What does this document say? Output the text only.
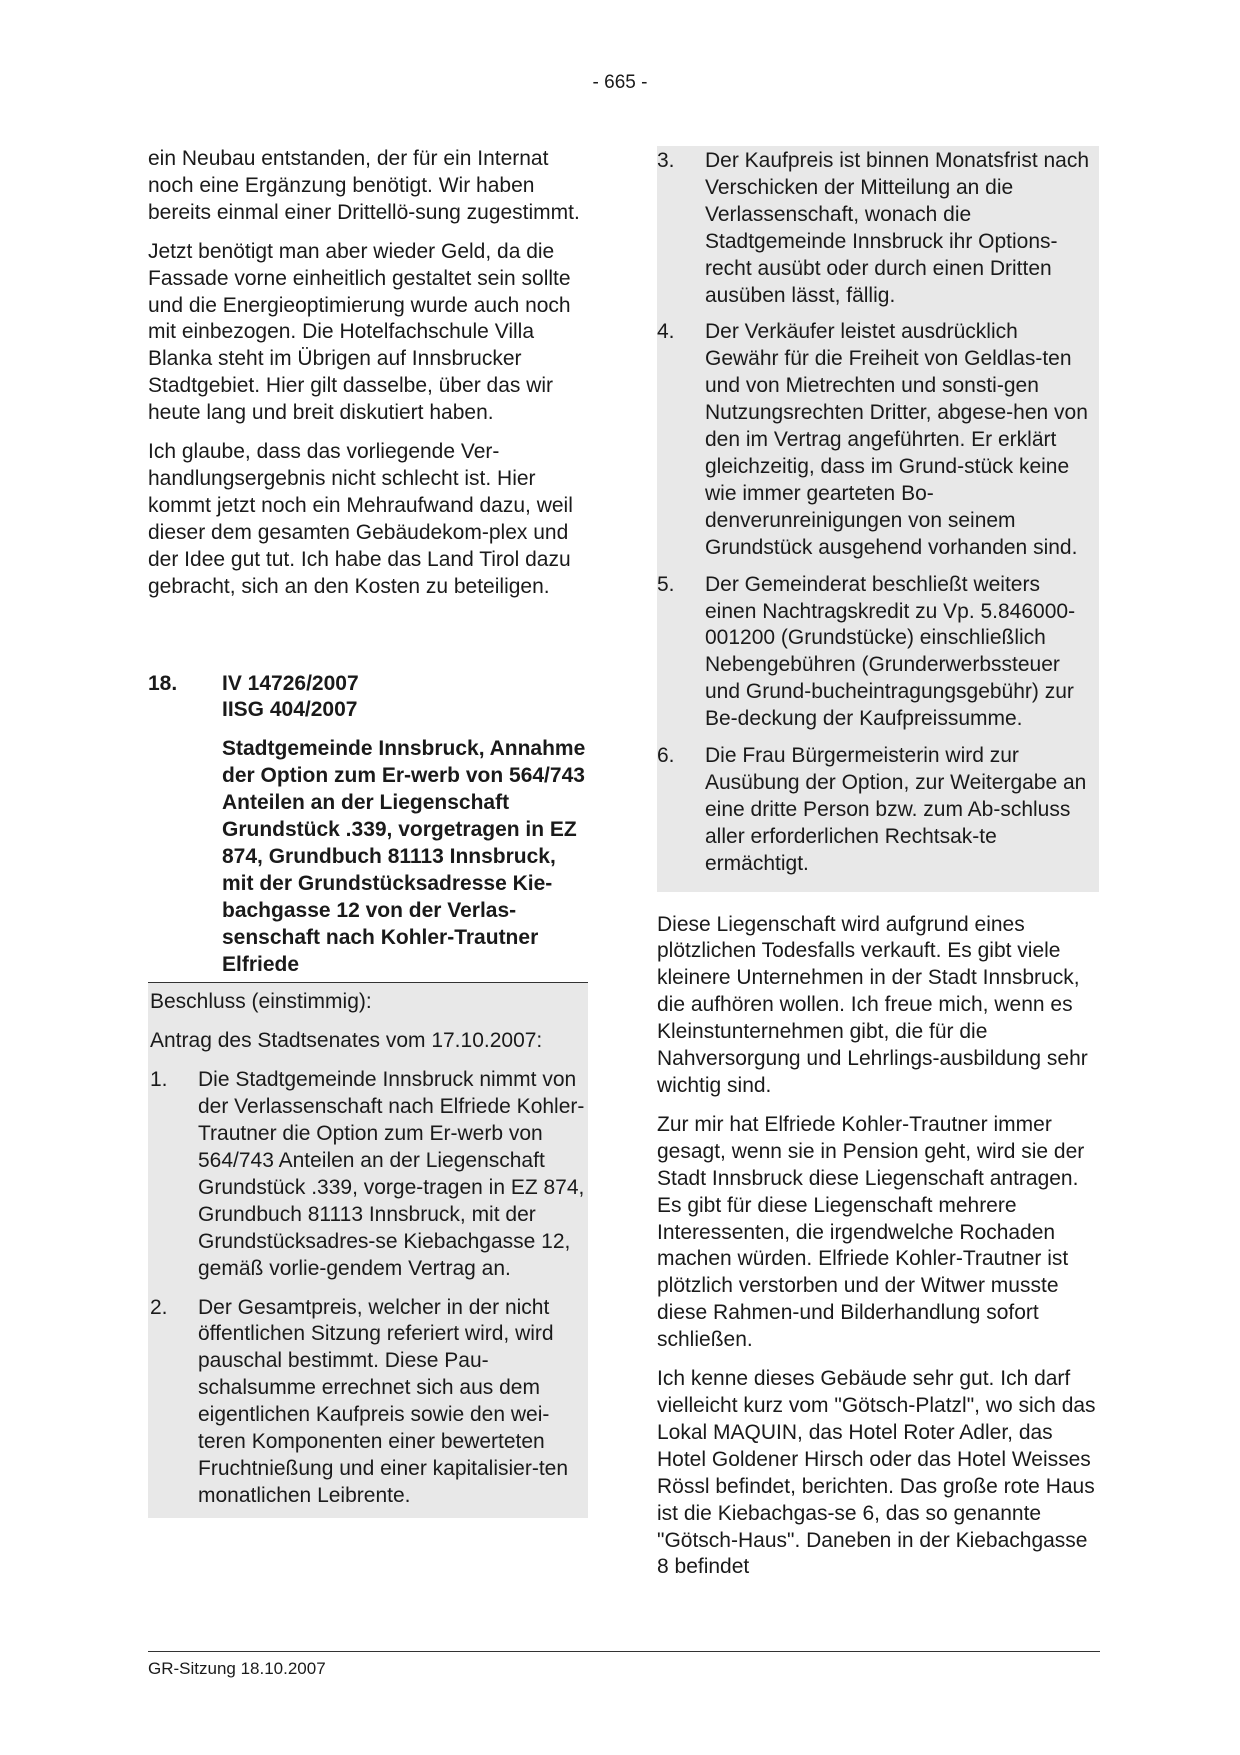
- 665 -

ein Neubau entstanden, der für ein Internat noch eine Ergänzung benötigt. Wir haben bereits einmal einer Drittellö-sung zugestimmt.

Jetzt benötigt man aber wieder Geld, da die Fassade vorne einheitlich gestaltet sein sollte und die Energieoptimierung wurde auch noch mit einbezogen. Die Hotelfachschule Villa Blanka steht im Übrigen auf Innsbrucker Stadtgebiet. Hier gilt dasselbe, über das wir heute lang und breit diskutiert haben.

Ich glaube, dass das vorliegende Ver-handlungsergebnis nicht schlecht ist. Hier kommt jetzt noch ein Mehraufwand dazu, weil dieser dem gesamten Gebäudekom-plex und der Idee gut tut. Ich habe das Land Tirol dazu gebracht, sich an den Kosten zu beteiligen.

18.	IV 14726/2007
IISG 404/2007
Stadtgemeinde Innsbruck, Annahme der Option zum Er-werb von 564/743 Anteilen an der Liegenschaft Grundstück .339, vorgetragen in EZ 874, Grundbuch 81113 Innsbruck, mit der Grundstücksadresse Kie-bachgasse 12 von der Verlas-senschaft nach Kohler-Trautner Elfriede

Beschluss (einstimmig):

Antrag des Stadtsenates vom 17.10.2007:

1.	Die Stadtgemeinde Innsbruck nimmt von der Verlassenschaft nach Elfriede Kohler-Trautner die Option zum Er-werb von 564/743 Anteilen an der Liegenschaft Grundstück .339, vorge-tragen in EZ 874, Grundbuch 81113 Innsbruck, mit der Grundstücksadres-se Kiebachgasse 12, gemäß vorlie-gendem Vertrag an.
2.	Der Gesamtpreis, welcher in der nicht öffentlichen Sitzung referiert wird, wird pauschal bestimmt. Diese Pau-schalsumme errechnet sich aus dem eigentlichen Kaufpreis sowie den wei-teren Komponenten einer bewerteten Fruchtnießung und einer kapitalisier-ten monatlichen Leibrente.
3.	Der Kaufpreis ist binnen Monatsfrist nach Verschicken der Mitteilung an die Verlassenschaft, wonach die Stadtgemeinde Innsbruck ihr Options-recht ausübt oder durch einen Dritten ausüben lässt, fällig.
4.	Der Verkäufer leistet ausdrücklich Gewähr für die Freiheit von Geldlas-ten und von Mietrechten und sonsti-gen Nutzungsrechten Dritter, abgese-hen von den im Vertrag angeführten. Er erklärt gleichzeitig, dass im Grund-stück keine wie immer gearteten Bo-denverunreinigungen von seinem Grundstück ausgehend vorhanden sind.
5.	Der Gemeinderat beschließt weiters einen Nachtragskredit zu Vp. 5.846000-001200 (Grundstücke) einschließlich Nebengebühren (Grunderwerbssteuer und Grund-bucheintragungsgebühr) zur Be-deckung der Kaufpreissumme.
6.	Die Frau Bürgermeisterin wird zur Ausübung der Option, zur Weitergabe an eine dritte Person bzw. zum Ab-schluss aller erforderlichen Rechtsak-te ermächtigt.

Diese Liegenschaft wird aufgrund eines plötzlichen Todesfalls verkauft. Es gibt viele kleinere Unternehmen in der Stadt Innsbruck, die aufhören wollen. Ich freue mich, wenn es Kleinstunternehmen gibt, die für die Nahversorgung und Lehrlings-ausbildung sehr wichtig sind.

Zur mir hat Elfriede Kohler-Trautner immer gesagt, wenn sie in Pension geht, wird sie der Stadt Innsbruck diese Liegenschaft antragen. Es gibt für diese Liegenschaft mehrere Interessenten, die irgendwelche Rochaden machen würden. Elfriede Kohler-Trautner ist plötzlich verstorben und der Witwer musste diese Rahmen-und Bilderhandlung sofort schließen.

Ich kenne dieses Gebäude sehr gut. Ich darf vielleicht kurz vom "Götsch-Platzl", wo sich das Lokal MAQUIN, das Hotel Roter Adler, das Hotel Goldener Hirsch oder das Hotel Weisses Rössl befindet, berichten. Das große rote Haus ist die Kiebachgas-se 6, das so genannte "Götsch-Haus". Daneben in der Kiebachgasse 8 befindet

GR-Sitzung 18.10.2007
